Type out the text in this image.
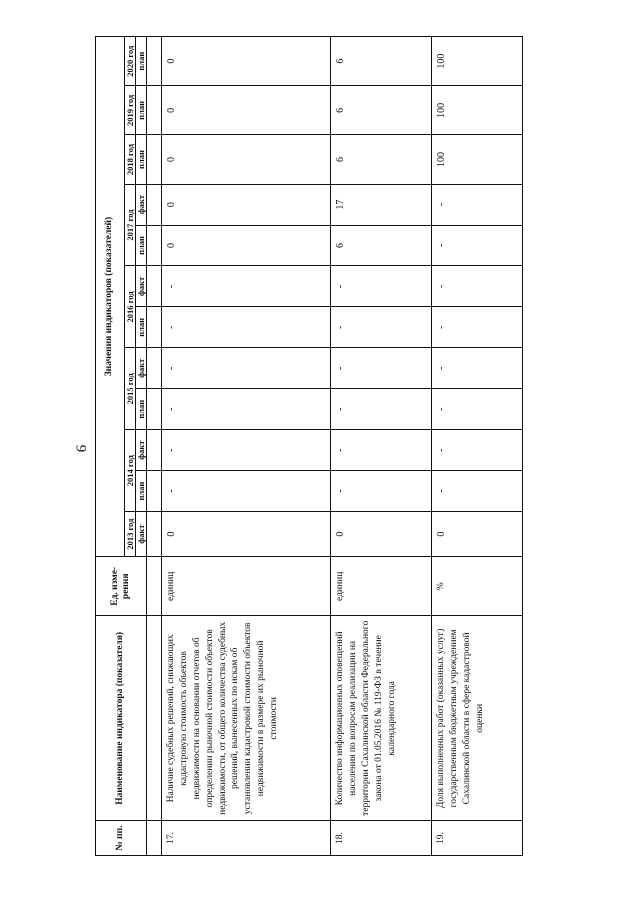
9
№ пп.	Наименование индикатора (показателя)	Ед. изме-рения	Значения индикаторов (показателей)											
			2013 год	2014 год		2015 год		2016 год		2017 год		2018 год	2019 год	2020 год
			факт	план	факт	план	факт	план	факт	план	факт	план	план	план

17.	Наличие судебных решений, снижающих кадастровую стоимость объектов недвижимости на основании отчетов об определении рыночной стоимости объектов недвижимости, от общего количества судебных решений, вынесенных по искам об установлении кадастровой стоимости объектов недвижимости в размере их рыночной стоимости	единиц	0	-	-	-	-	-	-	0	0	0	0	0
18.	Количество информационных оповещений населения по вопросам реализации на территории Сахалинской области Федерального закона от 01.05.2016 № 119-ФЗ в течение календарного года	единиц	0	-	-	-	-	-	-	6	17	6	6	6
19.	Доля выполненных работ (оказанных услуг) государственным бюджетным учреждением Сахалинской области в сфере кадастровой оценки	%	0	-	-	-	-	-	-	-	-	100	100	100
